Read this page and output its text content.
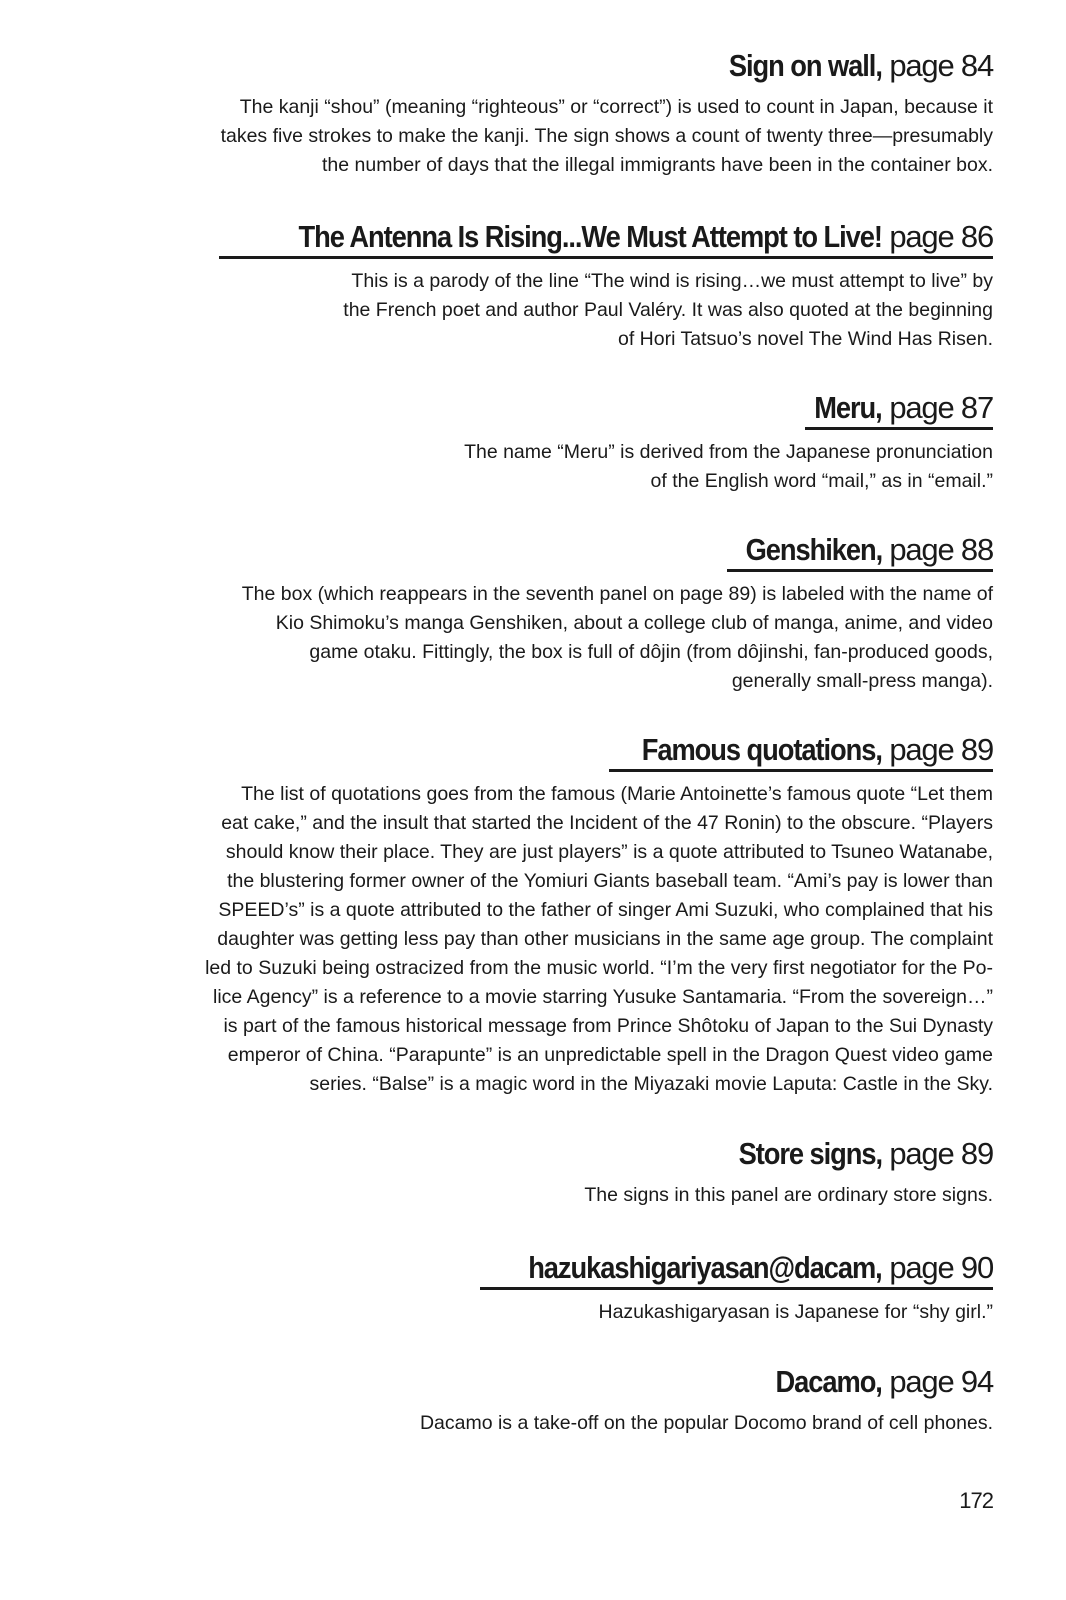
Sign on wall, page 84
The kanji “shou” (meaning “righteous” or “correct”) is used to count in Japan, because it
takes five strokes to make the kanji. The sign shows a count of twenty three—presumably
the number of days that the illegal immigrants have been in the container box.
The Antenna Is Rising...We Must Attempt to Live! page 86
This is a parody of the line “The wind is rising…we must attempt to live” by
the French poet and author Paul Valéry. It was also quoted at the beginning
of Hori Tatsuo’s novel The Wind Has Risen.
Meru, page 87
The name “Meru” is derived from the Japanese pronunciation
of the English word “mail,” as in “email.”
Genshiken, page 88
The box (which reappears in the seventh panel on page 89) is labeled with the name of
Kio Shimoku’s manga Genshiken, about a college club of manga, anime, and video
game otaku. Fittingly, the box is full of dôjin (from dôjinshi, fan-produced goods,
generally small-press manga).
Famous quotations, page 89
The list of quotations goes from the famous (Marie Antoinette’s famous quote “Let them
eat cake,” and the insult that started the Incident of the 47 Ronin) to the obscure. “Players
should know their place. They are just players” is a quote attributed to Tsuneo Watanabe,
the blustering former owner of the Yomiuri Giants baseball team. “Ami’s pay is lower than
SPEED’s” is a quote attributed to the father of singer Ami Suzuki, who complained that his
daughter was getting less pay than other musicians in the same age group. The complaint
led to Suzuki being ostracized from the music world. “I’m the very first negotiator for the Po-
lice Agency” is a reference to a movie starring Yusuke Santamaria. “From the sovereign…”
is part of the famous historical message from Prince Shôtoku of Japan to the Sui Dynasty
emperor of China. “Parapunte” is an unpredictable spell in the Dragon Quest video game
series. “Balse” is a magic word in the Miyazaki movie Laputa: Castle in the Sky.
Store signs, page 89
The signs in this panel are ordinary store signs.
hazukashigariyasan@dacam, page 90
Hazukashigaryasan is Japanese for “shy girl.”
Dacamo, page 94
Dacamo is a take-off on the popular Docomo brand of cell phones.
172
